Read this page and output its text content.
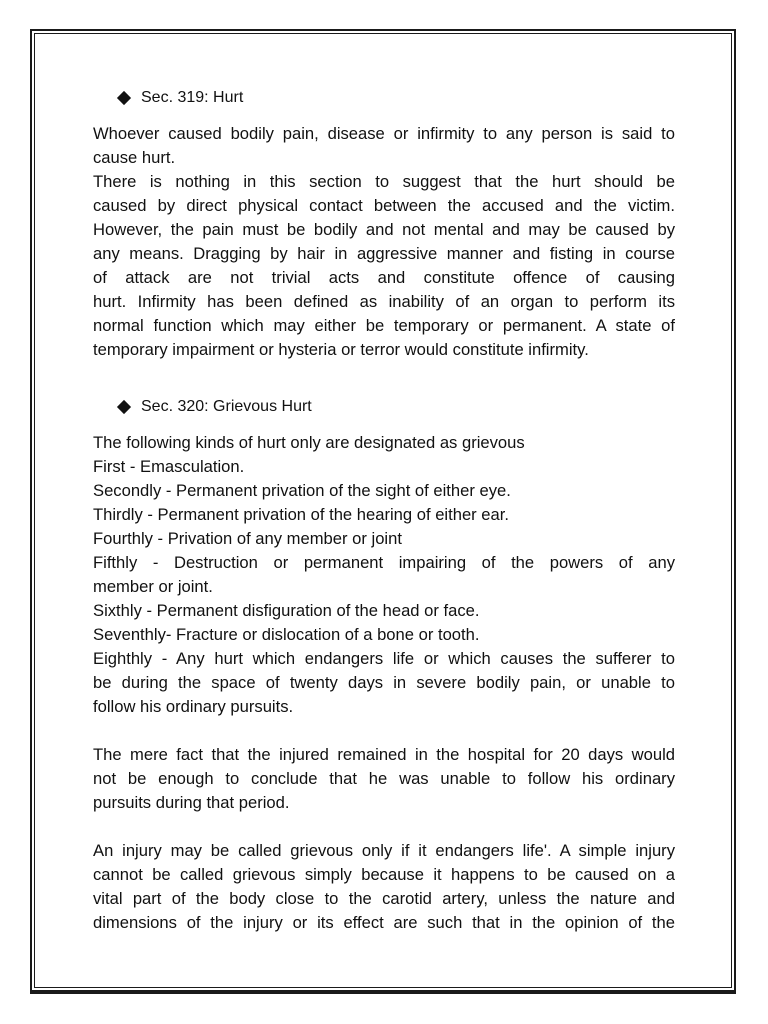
Sec. 319: Hurt
Whoever caused bodily pain, disease or infirmity to any person is said to
cause hurt.
There is nothing in this section to suggest that the hurt should be
caused by direct physical contact between the accused and the victim.
However, the pain must be bodily and not mental and may be caused by
any means. Dragging by hair in aggressive manner and fisting in course
of attack are not trivial acts and constitute offence of causing
hurt. Infirmity has been defined as inability of an organ to perform its
normal function which may either be temporary or permanent. A state of
temporary impairment or hysteria or terror would constitute infirmity.
Sec. 320: Grievous Hurt
The following kinds of hurt only are designated as grievous
First - Emasculation.
Secondly - Permanent privation of the sight of either eye.
Thirdly - Permanent privation of the hearing of either ear.
Fourthly - Privation of any member or joint
Fifthly - Destruction or permanent impairing of the powers of any
member or joint.
Sixthly - Permanent disfiguration of the head or face.
Seventhly- Fracture or dislocation of a bone or tooth.
Eighthly - Any hurt which endangers life or which causes the sufferer to
be during the space of twenty days in severe bodily pain, or unable to
follow his ordinary pursuits.
The mere fact that the injured remained in the hospital for 20 days would
not be enough to conclude that he was unable to follow his ordinary
pursuits during that period.
An injury may be called grievous only if it endangers life'. A simple injury
cannot be called grievous simply because it happens to be caused on a
vital part of the body close to the carotid artery, unless the nature and
dimensions of the injury or its effect are such that in the opinion of the
